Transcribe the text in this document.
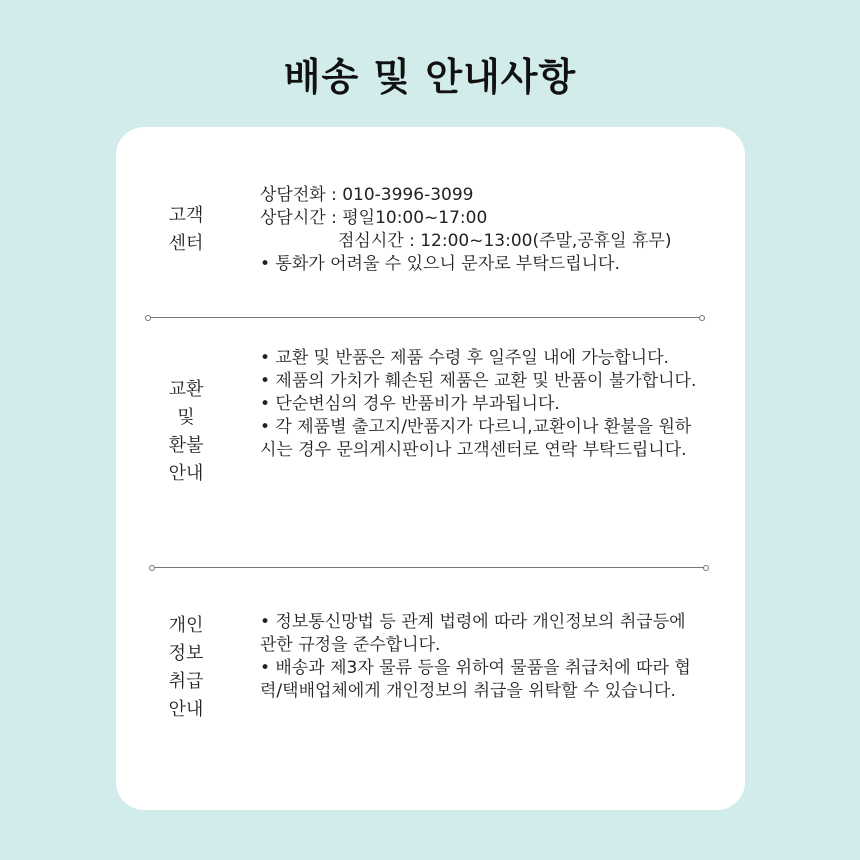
배송 및 안내사항
고객
센터

상담전화 : 010-3996-3099

상담시간 : 평일10:00~17:00

점심시간 : 12:00~13:00(주말,공휴일 휴무)

• 통화가 어려울 수 있으니 문자로 부탁드립니다.

교환
및
환불
안내

• 교환 및 반품은 제품 수령 후 일주일 내에 가능합니다.

• 제품의 가치가 훼손된 제품은 교환 및 반품이 불가합니다.

• 단순변심의 경우 반품비가 부과됩니다.

• 각 제품별 출고지/반품지가 다르니,교환이나 환불을 원하　시는 경우 문의게시판이나 고객센터로 연락 부탁드립니다.

개인
정보
취급
안내

• 정보통신망법 등 관계 법령에 따라 개인정보의 취급등에 관한 규정을 준수합니다.

• 배송과 제3자 물류 등을 위하여 물품을 취급처에 따라 협력/택배업체에게 개인정보의 취급을 위탁할 수 있습니다.
